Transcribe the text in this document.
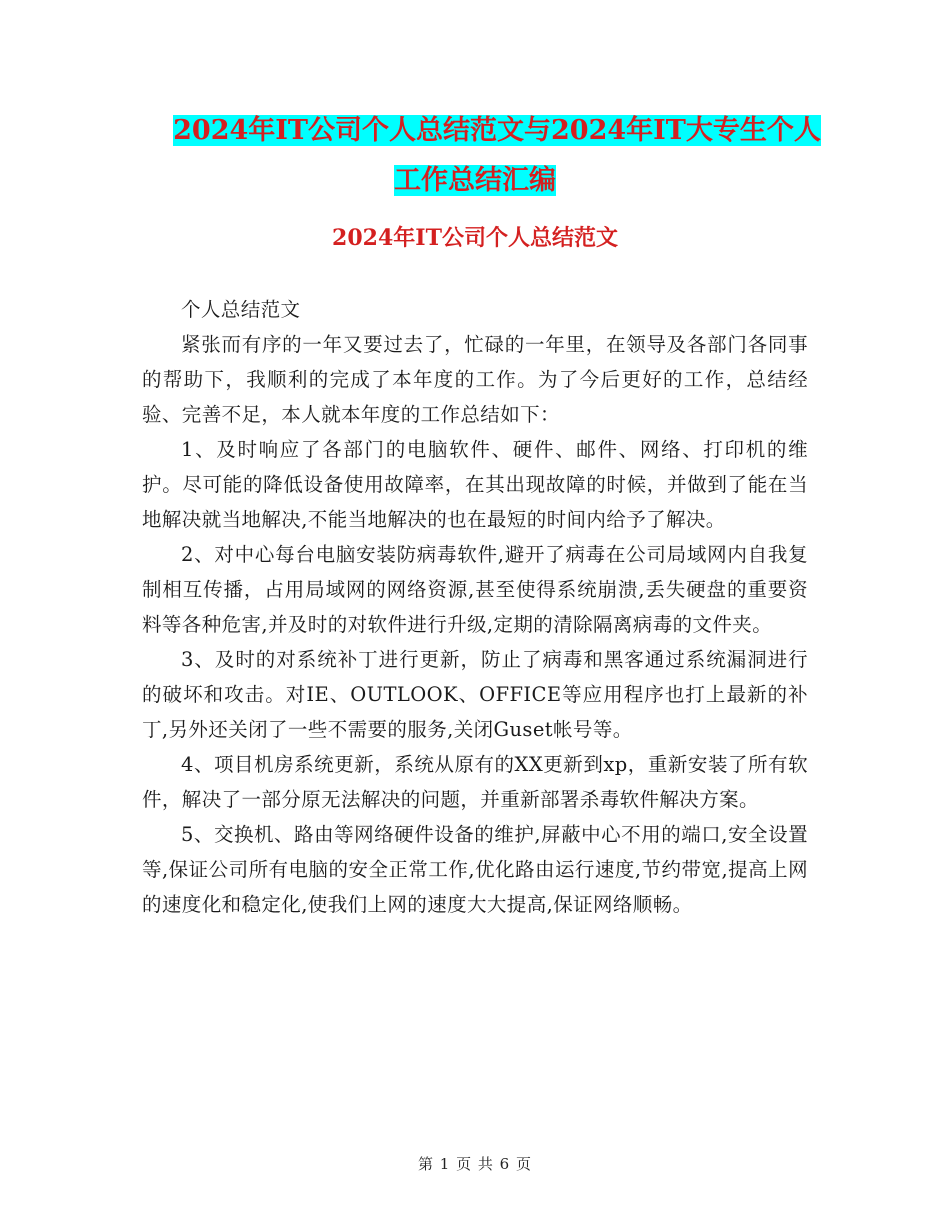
2024年IT公司个人总结范文与2024年IT大专生个人
工作总结汇编
2024年IT公司个人总结范文

个人总结范文

紧张而有序的一年又要过去了，忙碌的一年里，在领导及各部门各同事的帮助下，我顺利的完成了本年度的工作。为了今后更好的工作，总结经验、完善不足，本人就本年度的工作总结如下：

1、及时响应了各部门的电脑软件、硬件、邮件、网络、打印机的维护。尽可能的降低设备使用故障率，在其出现故障的时候，并做到了能在当地解决就当地解决,不能当地解决的也在最短的时间内给予了解决。

2、对中心每台电脑安装防病毒软件,避开了病毒在公司局域网内自我复制相互传播，占用局域网的网络资源,甚至使得系统崩溃,丢失硬盘的重要资料等各种危害,并及时的对软件进行升级,定期的清除隔离病毒的文件夹。

3、及时的对系统补丁进行更新，防止了病毒和黑客通过系统漏洞进行的破坏和攻击。对IE、OUTLOOK、OFFICE等应用程序也打上最新的补丁,另外还关闭了一些不需要的服务,关闭Guset帐号等。

4、项目机房系统更新，系统从原有的XX更新到xp，重新安装了所有软件，解决了一部分原无法解决的问题，并重新部署杀毒软件解决方案。

5、交换机、路由等网络硬件设备的维护,屏蔽中心不用的端口,安全设置等,保证公司所有电脑的安全正常工作,优化路由运行速度,节约带宽,提高上网的速度化和稳定化,使我们上网的速度大大提高,保证网络顺畅。

第 1 页 共 6 页
